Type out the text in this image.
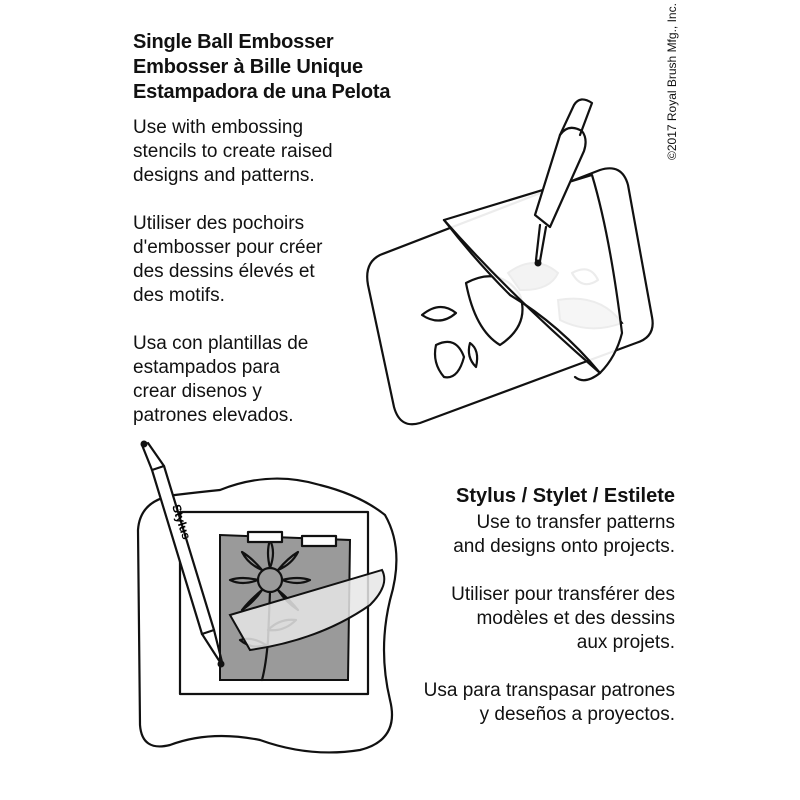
Single Ball Embosser
Embosser à Bille Unique
Estampadora de una Pelota

Use with embossing
stencils to create raised
designs and patterns.

Utiliser des pochoirs
d'embosser pour créer
des dessins élevés et
des motifs.

Usa con plantillas de
estampados para
crear disenos y
patrones elevados.

©2017 Royal Brush Mfg., Inc.
Stylus
Stylus / Stylet / Estilete

Use to transfer patterns
and designs onto projects.

Utiliser pour transférer des
modèles et des dessins
aux projets.

Usa para transpasar patrones
y deseños a proyectos.
